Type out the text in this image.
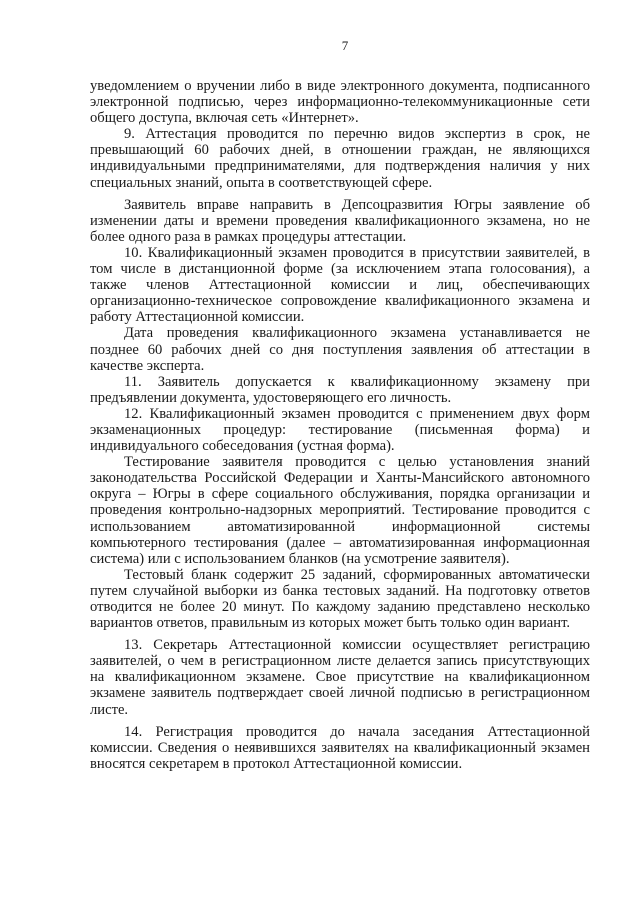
7

уведомлением о вручении либо в виде электронного документа, подписанного электронной подписью, через информационно-телекоммуникационные сети общего доступа, включая сеть «Интернет».

9. Аттестация проводится по перечню видов экспертиз в срок, не превышающий 60 рабочих дней, в отношении граждан, не являющихся индивидуальными предпринимателями, для подтверждения наличия у них специальных знаний, опыта в соответствующей сфере.

Заявитель вправе направить в Депсоцразвития Югры заявление об изменении даты и времени проведения квалификационного экзамена, но не более одного раза в рамках процедуры аттестации.

10. Квалификационный экзамен проводится в присутствии заявителей, в том числе в дистанционной форме (за исключением этапа голосования), а также членов Аттестационной комиссии и лиц, обеспечивающих организационно-техническое сопровождение квалификационного экзамена и работу Аттестационной комиссии.

Дата проведения квалификационного экзамена устанавливается не позднее 60 рабочих дней со дня поступления заявления об аттестации в качестве эксперта.

11. Заявитель допускается к квалификационному экзамену при предъявлении документа, удостоверяющего его личность.

12. Квалификационный экзамен проводится с применением двух форм экзаменационных процедур: тестирование (письменная форма) и индивидуального собеседования (устная форма).

Тестирование заявителя проводится с целью установления знаний законодательства Российской Федерации и Ханты-Мансийского автономного округа – Югры в сфере социального обслуживания, порядка организации и проведения контрольно-надзорных мероприятий. Тестирование проводится с использованием автоматизированной информационной системы компьютерного тестирования (далее – автоматизированная информационная система) или с использованием бланков (на усмотрение заявителя).

Тестовый бланк содержит 25 заданий, сформированных автоматически путем случайной выборки из банка тестовых заданий. На подготовку ответов отводится не более 20 минут. По каждому заданию представлено несколько вариантов ответов, правильным из которых может быть только один вариант.

13. Секретарь Аттестационной комиссии осуществляет регистрацию заявителей, о чем в регистрационном листе делается запись присутствующих на квалификационном экзамене. Свое присутствие на квалификационном экзамене заявитель подтверждает своей личной подписью в регистрационном листе.

14. Регистрация проводится до начала заседания Аттестационной комиссии. Сведения о неявившихся заявителях на квалификационный экзамен вносятся секретарем в протокол Аттестационной комиссии.
